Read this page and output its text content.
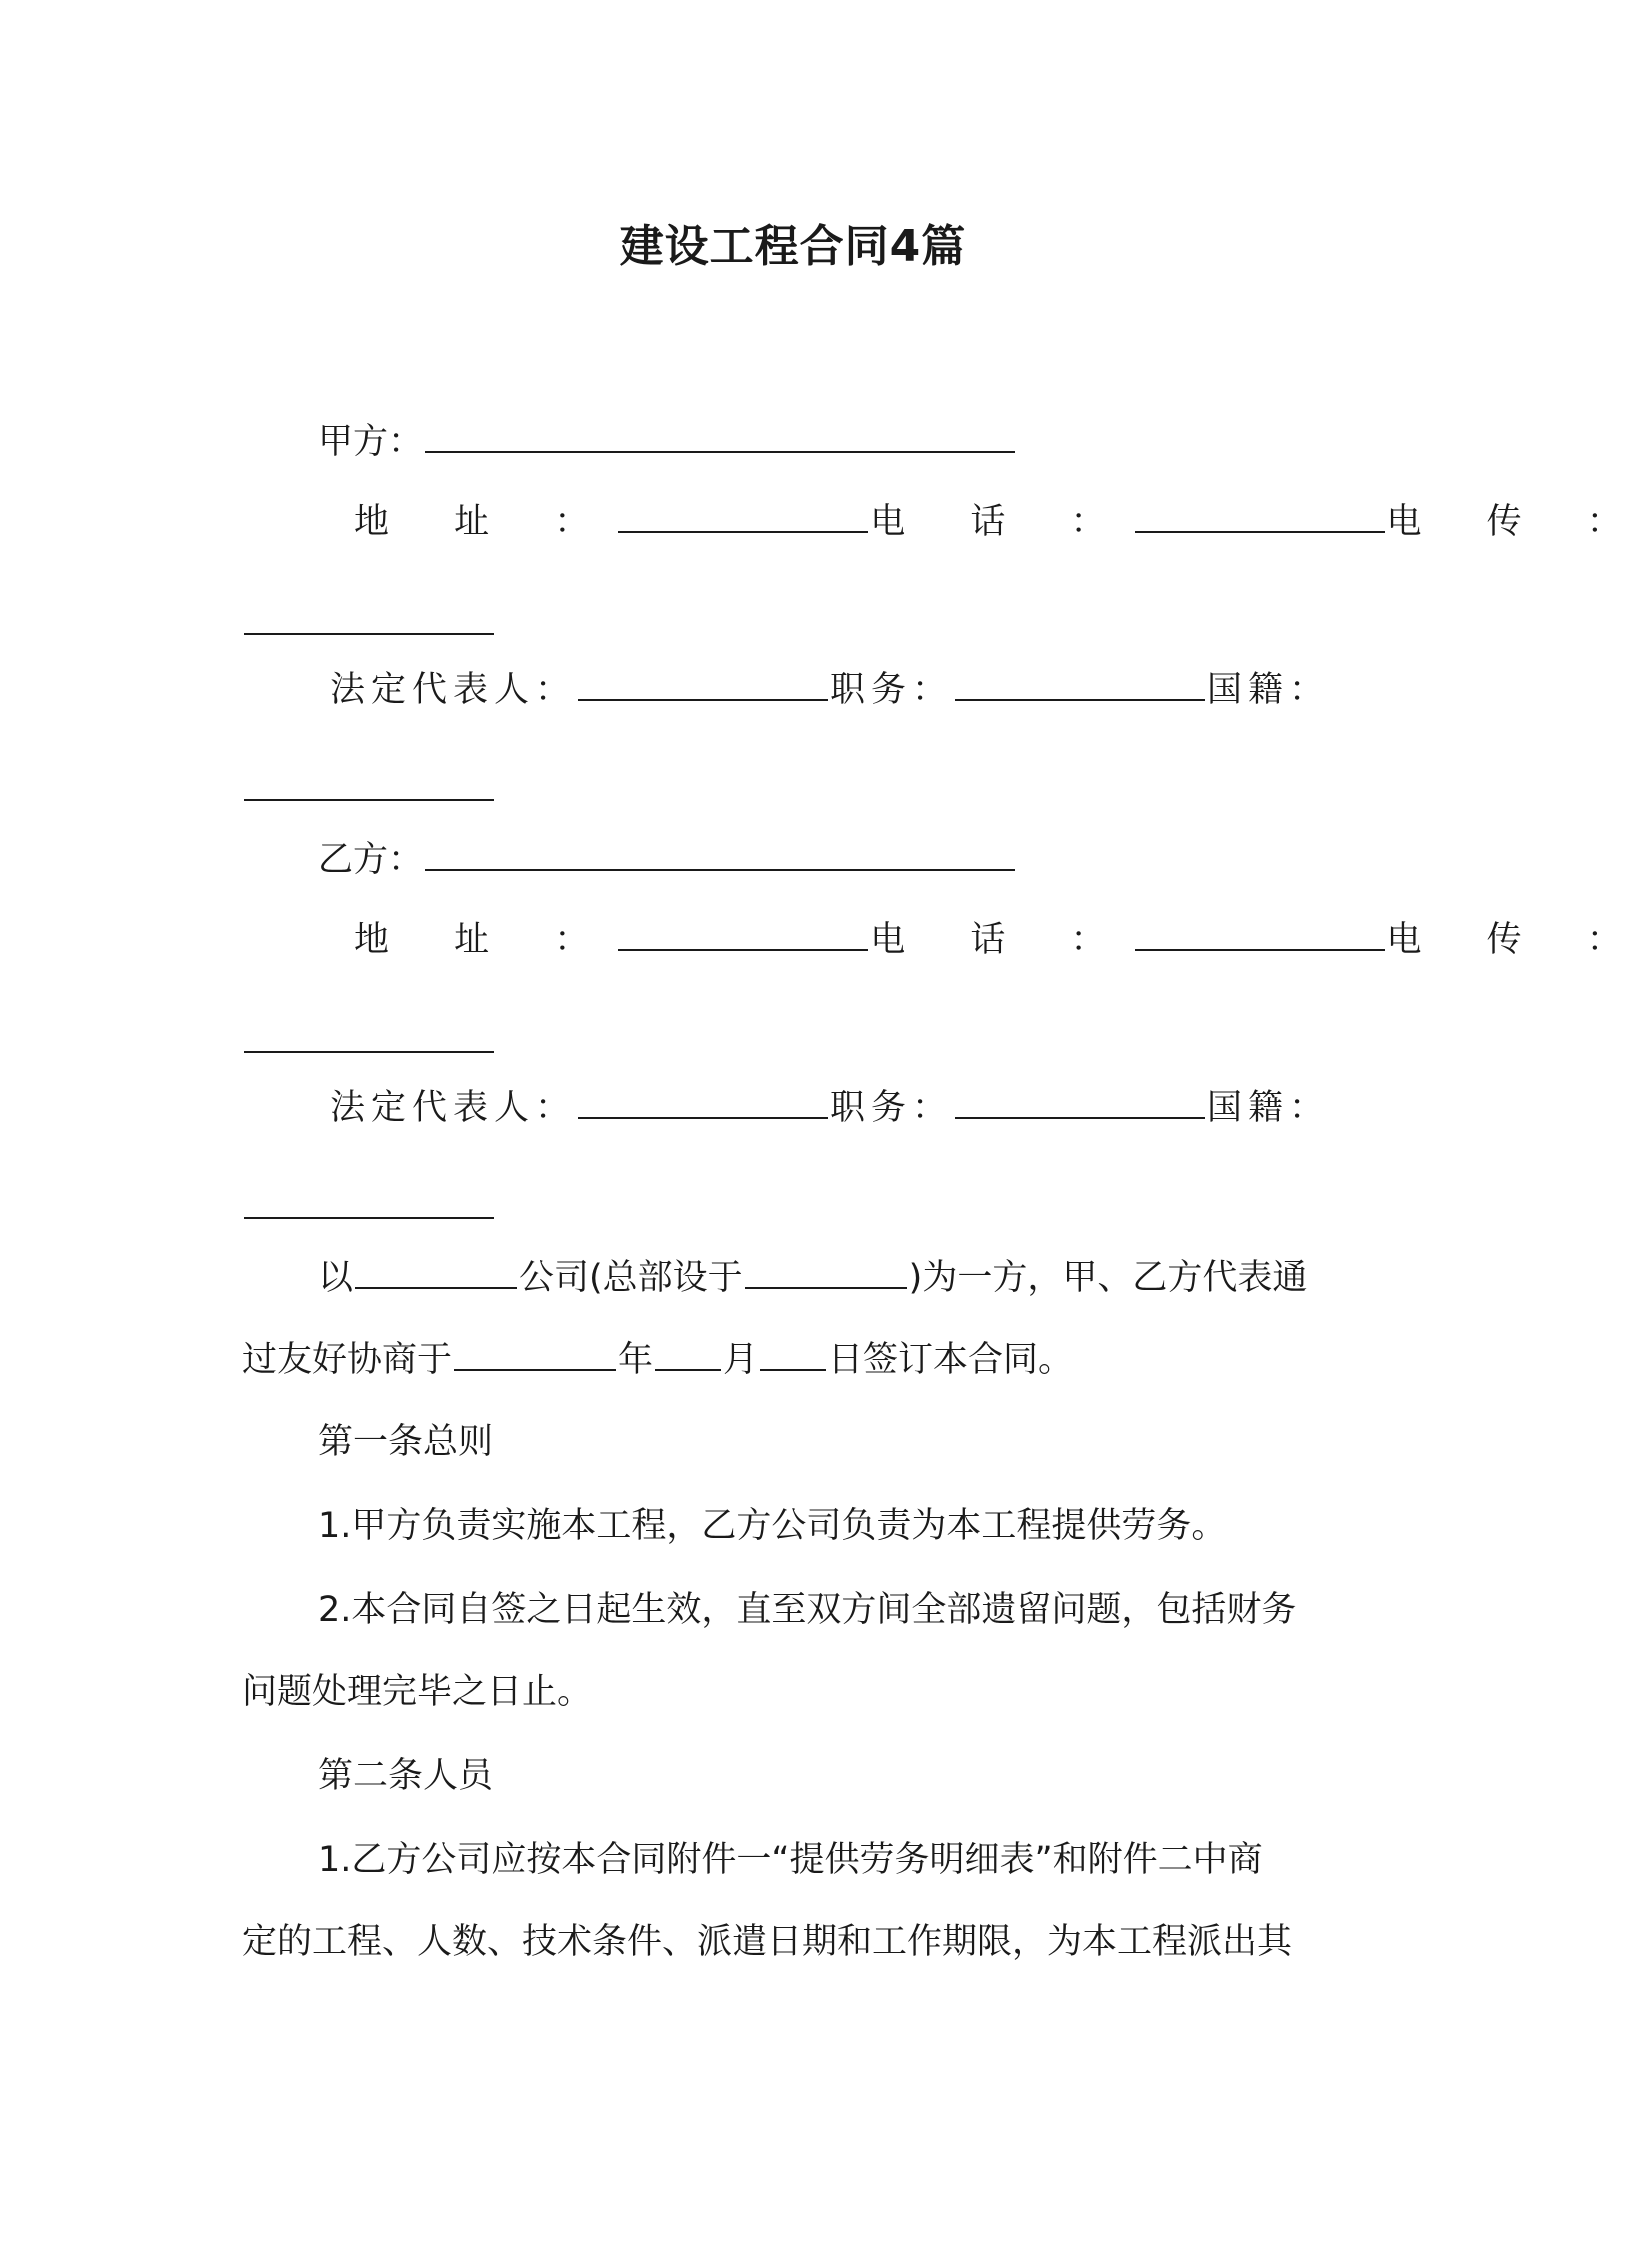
建设工程合同4篇
甲方：
地 址 ：	电 话 ：	电 传 ：
法定代表人：	职务：	国籍：
乙方：
地 址 ：	电 话 ：	电 传 ：
法定代表人：	职务：	国籍：
以	公司(总部设于	)为一方，甲、乙方代表通
过友好协商于	年 月 日签订本合同。
第一条总则
1.甲方负责实施本工程，乙方公司负责为本工程提供劳务。
2.本合同自签之日起生效，直至双方间全部遗留问题，包括财务
问题处理完毕之日止。
第二条人员
1.乙方公司应按本合同附件一“提供劳务明细表”和附件二中商
定的工程、人数、技术条件、派遣日期和工作期限，为本工程派出其
